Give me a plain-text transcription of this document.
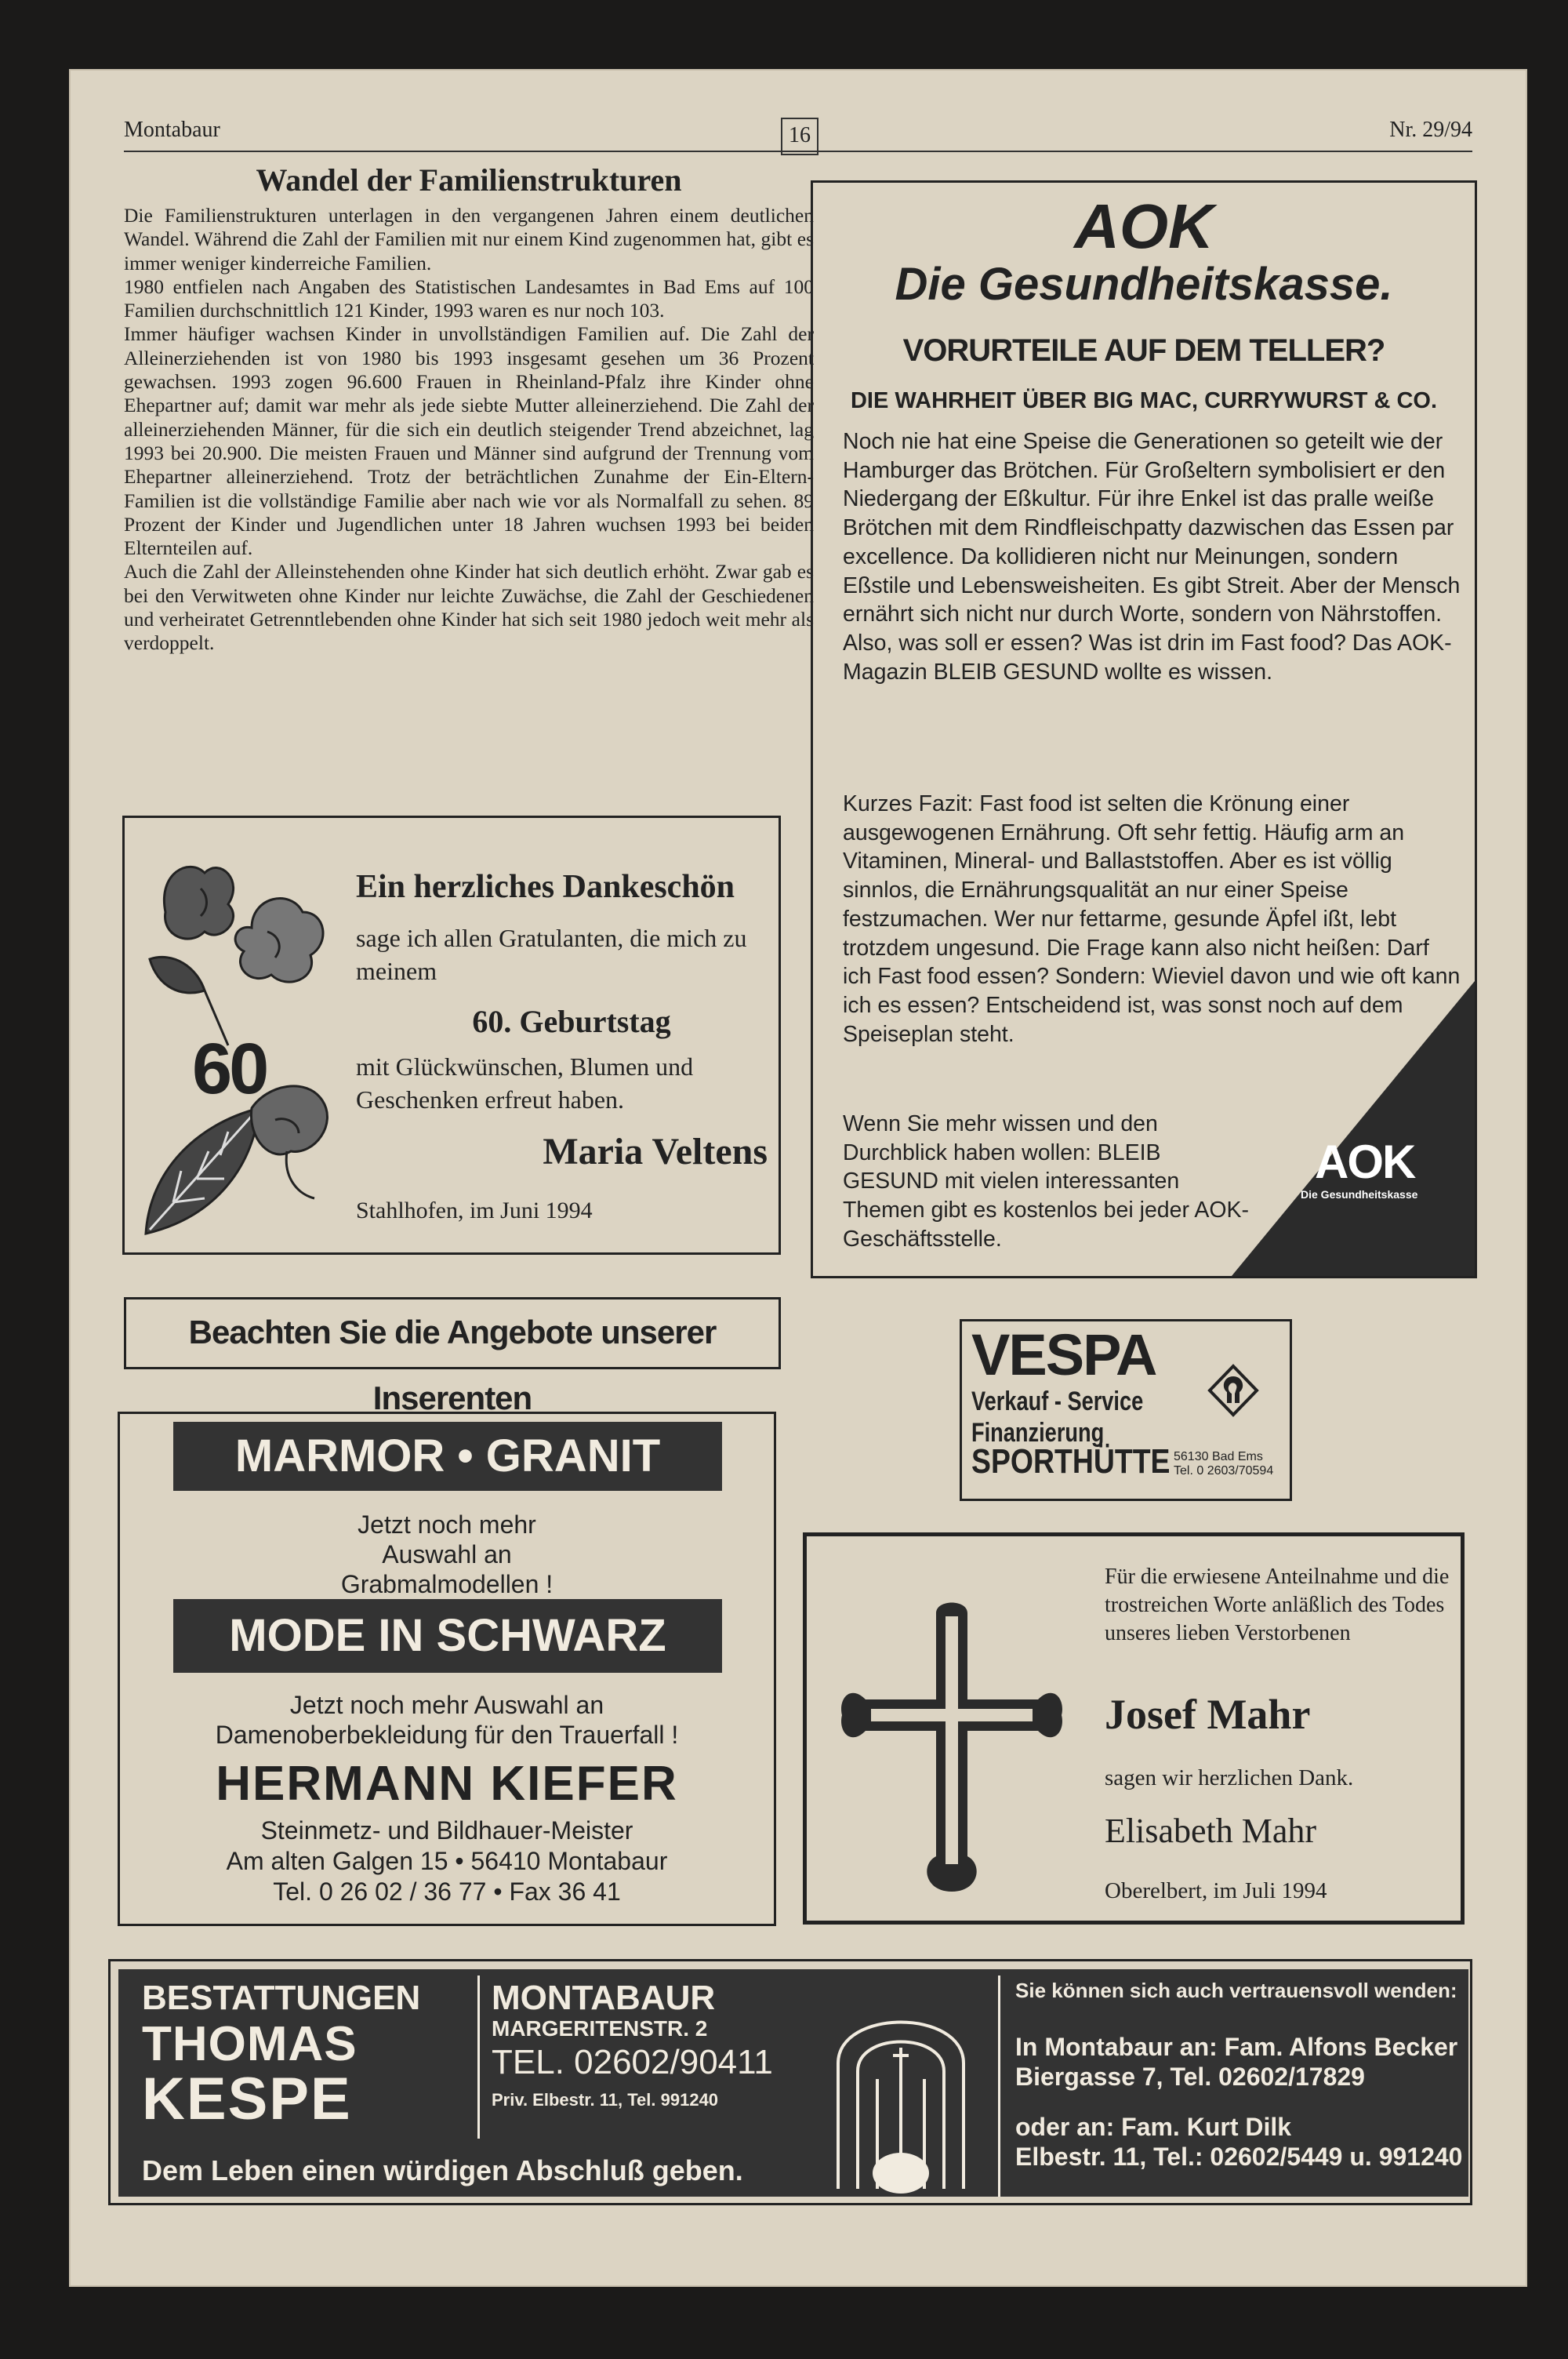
Montabaur	16	Nr. 29/94
Wandel der Familienstrukturen

Die Familienstrukturen unterlagen in den vergangenen Jahren einem deutlichen Wandel. Während die Zahl der Familien mit nur einem Kind zugenommen hat, gibt es immer weniger kinderreiche Familien.

1980 entfielen nach Angaben des Statistischen Landesamtes in Bad Ems auf 100 Familien durchschnittlich 121 Kinder, 1993 waren es nur noch 103.

Immer häufiger wachsen Kinder in unvollständigen Familien auf. Die Zahl der Alleinerziehenden ist von 1980 bis 1993 insgesamt gesehen um 36 Prozent gewachsen. 1993 zogen 96.600 Frauen in Rheinland-Pfalz ihre Kinder ohne Ehepartner auf; damit war mehr als jede siebte Mutter alleinerziehend. Die Zahl der alleinerziehenden Männer, für die sich ein deutlich steigender Trend abzeichnet, lag 1993 bei 20.900. Die meisten Frauen und Männer sind aufgrund der Trennung vom Ehepartner alleinerziehend. Trotz der beträchtlichen Zunahme der Ein-Eltern-Familien ist die vollständige Familie aber nach wie vor als Normalfall zu sehen. 89 Prozent der Kinder und Jugendlichen unter 18 Jahren wuchsen 1993 bei beiden Elternteilen auf.

Auch die Zahl der Alleinstehenden ohne Kinder hat sich deutlich erhöht. Zwar gab es bei den Verwitweten ohne Kinder nur leichte Zuwächse, die Zahl der Geschiedenen und verheiratet Getrenntlebenden ohne Kinder hat sich seit 1980 jedoch weit mehr als verdoppelt.

AOK
Die Gesundheitskasse.
VORURTEILE AUF DEM TELLER?
DIE WAHRHEIT ÜBER BIG MAC, CURRYWURST & CO.

Noch nie hat eine Speise die Generationen so geteilt wie der Hamburger das Brötchen. Für Großeltern symbolisiert er den Niedergang der Eßkultur. Für ihre Enkel ist das pralle weiße Brötchen mit dem Rindfleischpatty dazwischen das Essen par excellence. Da kollidieren nicht nur Meinungen, sondern Eßstile und Lebensweisheiten. Es gibt Streit. Aber der Mensch ernährt sich nicht nur durch Worte, sondern von Nährstoffen. Also, was soll er essen? Was ist drin im Fast food? Das AOK-Magazin BLEIB GESUND wollte es wissen.

Kurzes Fazit: Fast food ist selten die Krönung einer ausgewogenen Ernährung. Oft sehr fettig. Häufig arm an Vitaminen, Mineral- und Ballaststoffen. Aber es ist völlig sinnlos, die Ernährungsqualität an nur einer Speise festzumachen. Wer nur fettarme, gesunde Äpfel ißt, lebt trotzdem ungesund. Die Frage kann also nicht heißen: Darf ich Fast food essen? Sondern: Wieviel davon und wie oft kann ich es essen? Entscheidend ist, was sonst noch auf dem Speiseplan steht.

Wenn Sie mehr wissen und den Durchblick haben wollen: BLEIB GESUND mit vielen interessanten Themen gibt es kostenlos bei jeder AOK-Geschäftsstelle.

AOK
Die Gesundheitskasse
60
Ein herzliches Dankeschön
sage ich allen Gratulanten, die mich zu meinem
60. Geburtstag
mit Glückwünschen, Blumen und Geschenken erfreut haben.
Maria Veltens
Stahlhofen, im Juni 1994
Beachten Sie die Angebote unserer Inserenten
MARMOR • GRANIT
Jetzt noch mehr Auswahl an Grabmalmodellen !
MODE IN SCHWARZ
Jetzt noch mehr Auswahl an Damenoberbekleidung für den Trauerfall !
HERMANN KIEFER
Steinmetz- und Bildhauer-Meister
Am alten Galgen 15 • 56410 Montabaur
Tel. 0 26 02 / 36 77 • Fax 36 41
VESPA
Verkauf - Service
Finanzierung
SPORTHÜTTE 56130 Bad Ems
Tel. 0 2603/70594
Für die erwiesene Anteilnahme und die trostreichen Worte anläßlich des Todes unseres lieben Verstorbenen
Josef Mahr
sagen wir herzlichen Dank.
Elisabeth Mahr
Oberelbert, im Juli 1994
BESTATTUNGEN
THOMAS
KESPE
MONTABAUR
MARGERITENSTR. 2
TEL. 02602/90411
Priv. Elbestr. 11, Tel. 991240
Dem Leben einen würdigen Abschluß geben.
Sie können sich auch vertrauensvoll wenden:
In Montabaur an: Fam. Alfons Becker
Biergasse 7, Tel. 02602/17829
oder an: Fam. Kurt Dilk
Elbestr. 11, Tel.: 02602/5449 u. 991240
